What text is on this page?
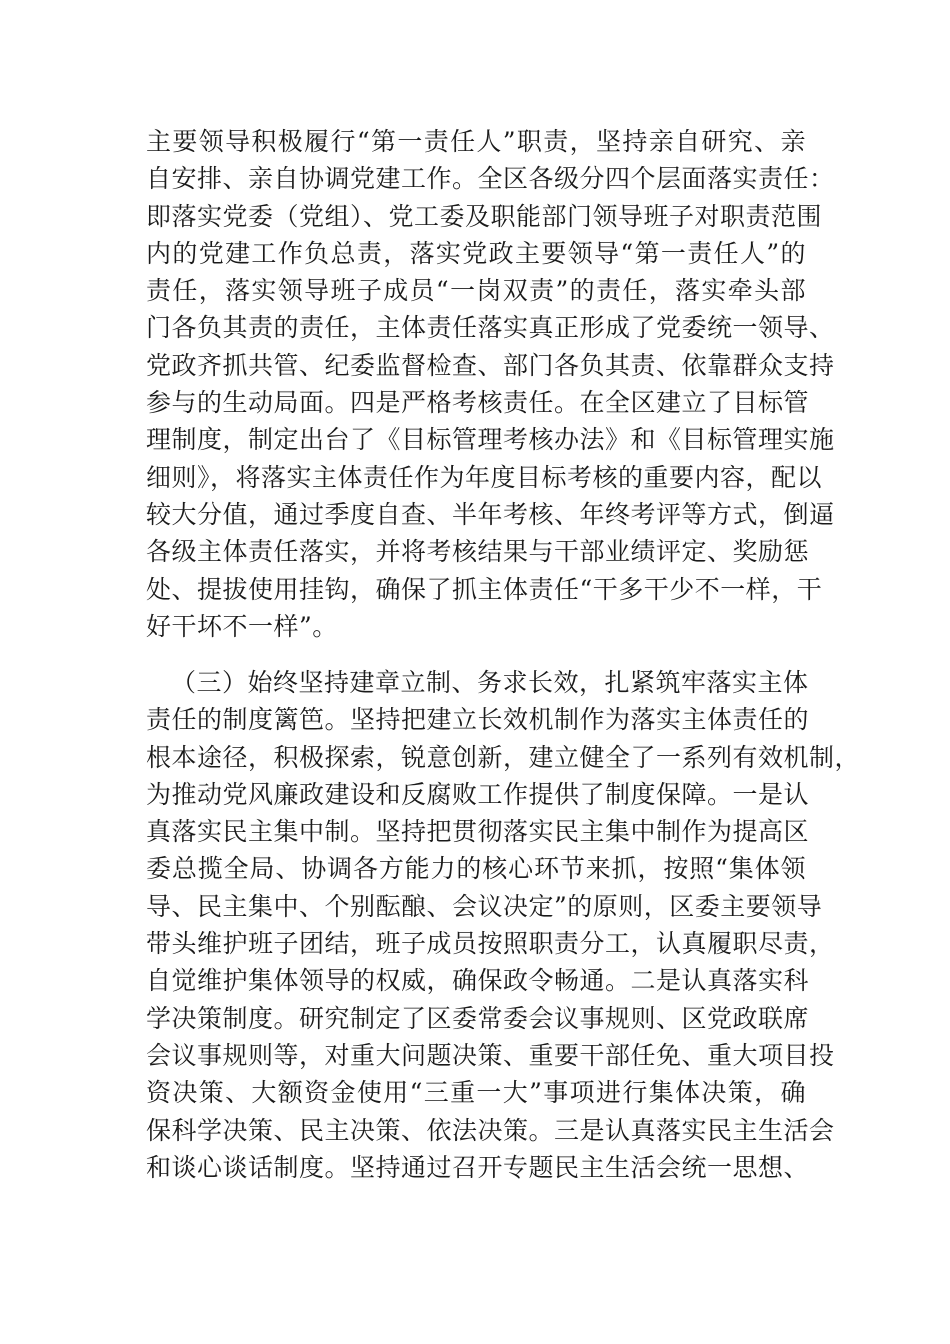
主要领导积极履行“第一责任人”职责，坚持亲自研究、亲
自安排、亲自协调党建工作。全区各级分四个层面落实责任：
即落实党委（党组）、党工委及职能部门领导班子对职责范围
内的党建工作负总责，落实党政主要领导“第一责任人”的
责任，落实领导班子成员“一岗双责”的责任，落实牵头部
门各负其责的责任，主体责任落实真正形成了党委统一领导、
党政齐抓共管、纪委监督检查、部门各负其责、依靠群众支持
参与的生动局面。四是严格考核责任。在全区建立了目标管
理制度，制定出台了《目标管理考核办法》和《目标管理实施
细则》，将落实主体责任作为年度目标考核的重要内容，配以
较大分值，通过季度自查、半年考核、年终考评等方式，倒逼
各级主体责任落实，并将考核结果与干部业绩评定、奖励惩
处、提拔使用挂钩，确保了抓主体责任“干多干少不一样，干
好干坏不一样”。
（三）始终坚持建章立制、务求长效，扎紧筑牢落实主体
责任的制度篱笆。坚持把建立长效机制作为落实主体责任的
根本途径，积极探索，锐意创新，建立健全了一系列有效机制，
为推动党风廉政建设和反腐败工作提供了制度保障。一是认
真落实民主集中制。坚持把贯彻落实民主集中制作为提高区
委总揽全局、协调各方能力的核心环节来抓，按照“集体领
导、民主集中、个别酝酿、会议决定”的原则，区委主要领导
带头维护班子团结，班子成员按照职责分工，认真履职尽责，
自觉维护集体领导的权威，确保政令畅通。二是认真落实科
学决策制度。研究制定了区委常委会议事规则、区党政联席
会议事规则等，对重大问题决策、重要干部任免、重大项目投
资决策、大额资金使用“三重一大”事项进行集体决策，确
保科学决策、民主决策、依法决策。三是认真落实民主生活会
和谈心谈话制度。坚持通过召开专题民主生活会统一思想、
